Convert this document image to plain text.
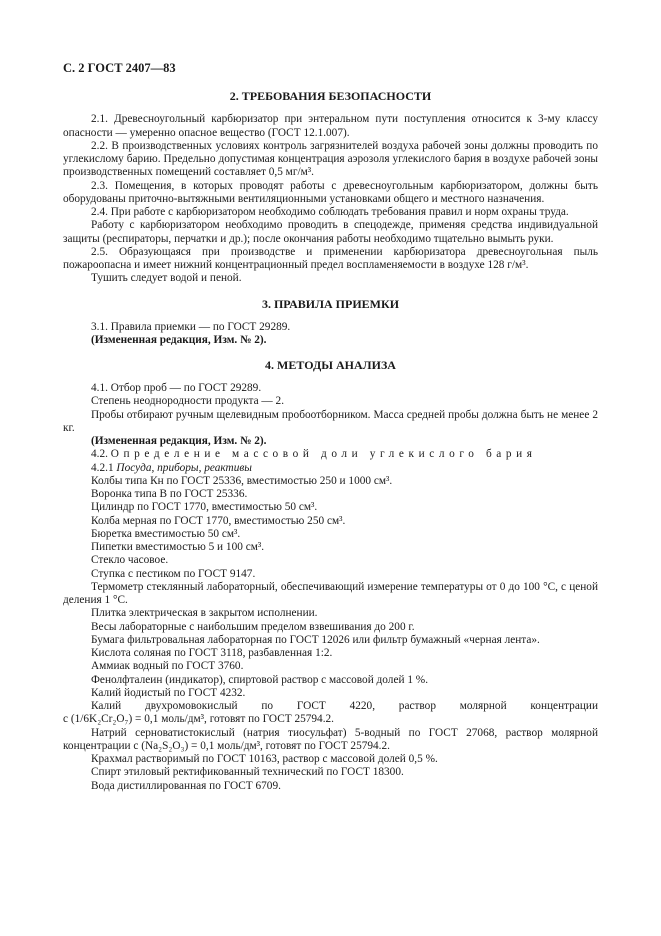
С. 2 ГОСТ 2407—83
2. ТРЕБОВАНИЯ БЕЗОПАСНОСТИ

2.1. Древесноугольный карбюризатор при энтеральном пути поступления относится к 3-му классу опасности — умеренно опасное вещество (ГОСТ 12.1.007).

2.2. В производственных условиях контроль загрязнителей воздуха рабочей зоны должны проводить по углекислому барию. Предельно допустимая концентрация аэрозоля углекислого бария в воздухе рабочей зоны производственных помещений составляет 0,5 мг/м³.

2.3. Помещения, в которых проводят работы с древесноугольным карбюризатором, должны быть оборудованы приточно-вытяжными вентиляционными установками общего и местного назначения.

2.4. При работе с карбюризатором необходимо соблюдать требования правил и норм охраны труда.

Работу с карбюризатором необходимо проводить в спецодежде, применяя средства индивидуальной защиты (респираторы, перчатки и др.); после окончания работы необходимо тщательно вымыть руки.

2.5. Образующаяся при производстве и применении карбюризатора древесноугольная пыль пожароопасна и имеет нижний концентрационный предел воспламеняемости в воздухе 128 г/м³.

Тушить следует водой и пеной.

3. ПРАВИЛА ПРИЕМКИ

3.1. Правила приемки — по ГОСТ 29289.

(Измененная редакция, Изм. № 2).

4. МЕТОДЫ АНАЛИЗА

4.1. Отбор проб — по ГОСТ 29289.

Степень неоднородности продукта — 2.

Пробы отбирают ручным щелевидным пробоотборником. Масса средней пробы должна быть не менее 2 кг.

(Измененная редакция, Изм. № 2).

4.2. Определение массовой доли углекислого бария

4.2.1 Посуда, приборы, реактивы

Колбы типа Кн по ГОСТ 25336, вместимостью 250 и 1000 см³.

Воронка типа В по ГОСТ 25336.

Цилиндр по ГОСТ 1770, вместимостью 50 см³.

Колба мерная по ГОСТ 1770, вместимостью 250 см³.

Бюретка вместимостью 50 см³.

Пипетки вместимостью 5 и 100 см³.

Стекло часовое.

Ступка с пестиком по ГОСТ 9147.

Термометр стеклянный лабораторный, обеспечивающий измерение температуры от 0 до 100 °С, с ценой деления 1 °С.

Плитка электрическая в закрытом исполнении.

Весы лабораторные с наибольшим пределом взвешивания до 200 г.

Бумага фильтровальная лабораторная по ГОСТ 12026 или фильтр бумажный «черная лента».

Кислота соляная по ГОСТ 3118, разбавленная 1:2.

Аммиак водный по ГОСТ 3760.

Фенолфталеин (индикатор), спиртовой раствор с массовой долей 1 %.

Калий йодистый по ГОСТ 4232.

Калий двухромовокислый по ГОСТ 4220, раствор молярной концентрации

c (1/6K₂Cr₂O₇) = 0,1 моль/дм³, готовят по ГОСТ 25794.2.

Натрий серноватистокислый (натрия тиосульфат) 5-водный по ГОСТ 27068, раствор молярной

концентрации c (Na₂S₂O₃) = 0,1 моль/дм³, готовят по ГОСТ 25794.2.

Крахмал растворимый по ГОСТ 10163, раствор с массовой долей 0,5 %.

Спирт этиловый ректификованный технический по ГОСТ 18300.

Вода дистиллированная по ГОСТ 6709.
